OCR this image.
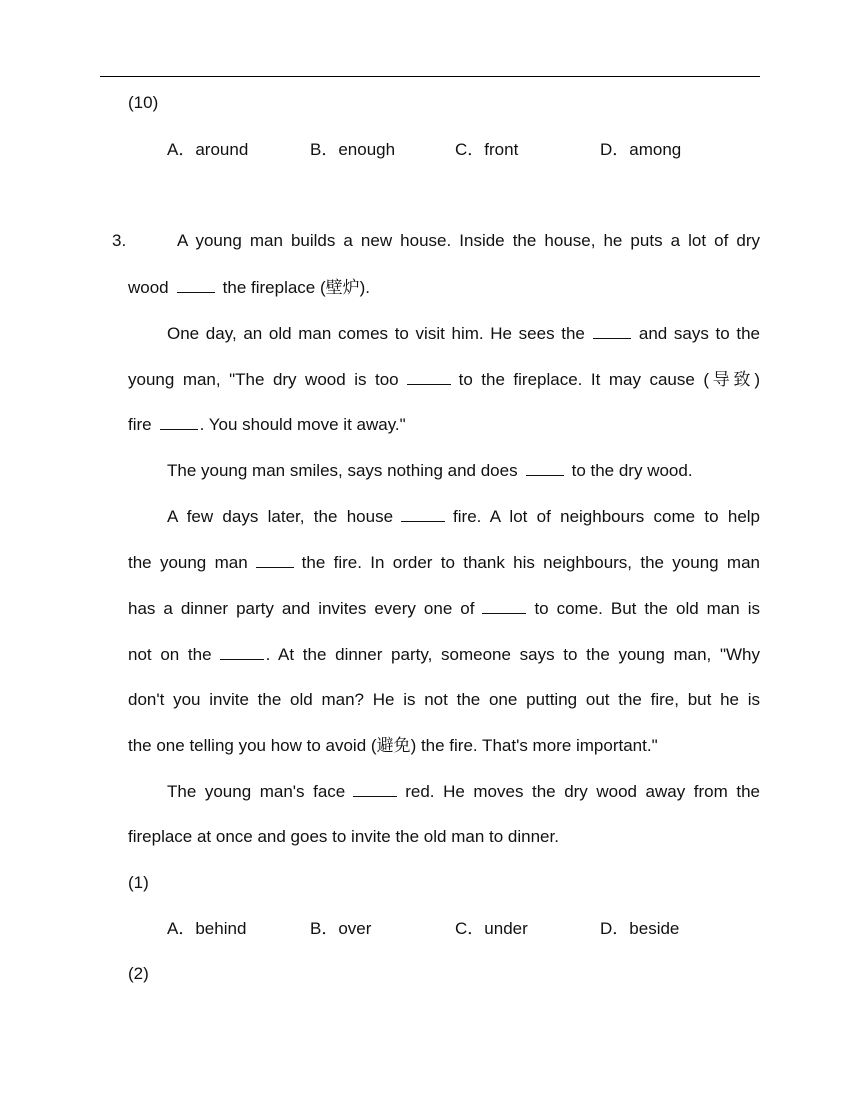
(10)
A．around	B．enough	C．front	D．among
3.	A young man builds a new house. Inside the house, he puts a lot of dry
wood	the fireplace (壁炉).
One day, an old man comes to visit him. He sees the	and says to the
young man, "The dry wood is too	to the fireplace. It may cause (导致)
fire	. You should move it away."
The young man smiles, says nothing and does	to the dry wood.
A few days later, the house	fire. A lot of neighbours come to help
the young man	the fire. In order to thank his neighbours, the young man
has a dinner party and invites every one of	to come. But the old man is
not on the	. At the dinner party, someone says to the young man, "Why
don't you invite the old man? He is not the one putting out the fire, but he is
the one telling you how to avoid (避免) the fire. That's more important."
The young man's face	red. He moves the dry wood away from the
fireplace at once and goes to invite the old man to dinner.
(1)
A．behind	B．over	C．under	D．beside
(2)
